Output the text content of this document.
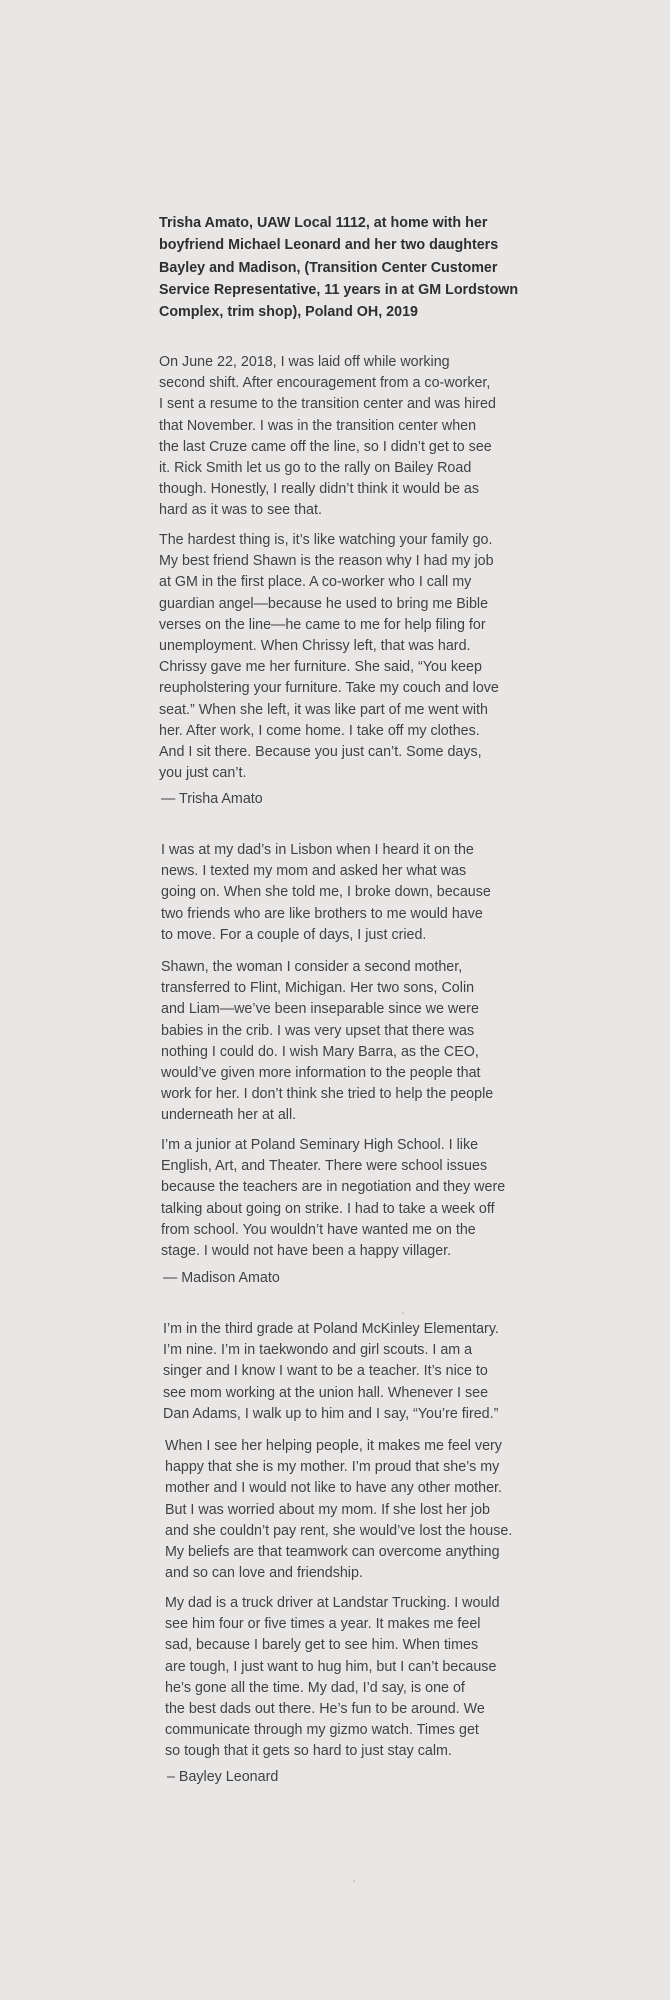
Trisha Amato, UAW Local 1112, at home with her
boyfriend Michael Leonard and her two daughters
Bayley and Madison, (Transition Center Customer
Service Representative, 11 years in at GM Lordstown
Complex, trim shop), Poland OH, 2019
On June 22, 2018, I was laid off while working
second shift. After encouragement from a co-worker,
I sent a resume to the transition center and was hired
that November. I was in the transition center when
the last Cruze came off the line, so I didn’t get to see
it. Rick Smith let us go to the rally on Bailey Road
though. Honestly, I really didn’t think it would be as
hard as it was to see that.
The hardest thing is, it’s like watching your family go.
My best friend Shawn is the reason why I had my job
at GM in the first place. A co-worker who I call my
guardian angel—because he used to bring me Bible
verses on the line—he came to me for help filing for
unemployment. When Chrissy left, that was hard.
Chrissy gave me her furniture. She said, “You keep
reupholstering your furniture. Take my couch and love
seat.” When she left, it was like part of me went with
her. After work, I come home. I take off my clothes.
And I sit there. Because you just can’t. Some days,
you just can’t.
— Trisha Amato
I was at my dad’s in Lisbon when I heard it on the
news. I texted my mom and asked her what was
going on. When she told me, I broke down, because
two friends who are like brothers to me would have
to move. For a couple of days, I just cried.
Shawn, the woman I consider a second mother,
transferred to Flint, Michigan. Her two sons, Colin
and Liam—we’ve been inseparable since we were
babies in the crib. I was very upset that there was
nothing I could do. I wish Mary Barra, as the CEO,
would’ve given more information to the people that
work for her. I don’t think she tried to help the people
underneath her at all.
I’m a junior at Poland Seminary High School. I like
English, Art, and Theater. There were school issues
because the teachers are in negotiation and they were
talking about going on strike. I had to take a week off
from school. You wouldn’t have wanted me on the
stage. I would not have been a happy villager.
— Madison Amato
I’m in the third grade at Poland McKinley Elementary.
I’m nine. I’m in taekwondo and girl scouts. I am a
singer and I know I want to be a teacher. It’s nice to
see mom working at the union hall. Whenever I see
Dan Adams, I walk up to him and I say, “You’re fired.”
When I see her helping people, it makes me feel very
happy that she is my mother. I’m proud that she’s my
mother and I would not like to have any other mother.
But I was worried about my mom. If she lost her job
and she couldn’t pay rent, she would’ve lost the house.
My beliefs are that teamwork can overcome anything
and so can love and friendship.
My dad is a truck driver at Landstar Trucking. I would
see him four or five times a year. It makes me feel
sad, because I barely get to see him. When times
are tough, I just want to hug him, but I can’t because
he’s gone all the time. My dad, I’d say, is one of
the best dads out there. He’s fun to be around. We
communicate through my gizmo watch. Times get
so tough that it gets so hard to just stay calm.
– Bayley Leonard
